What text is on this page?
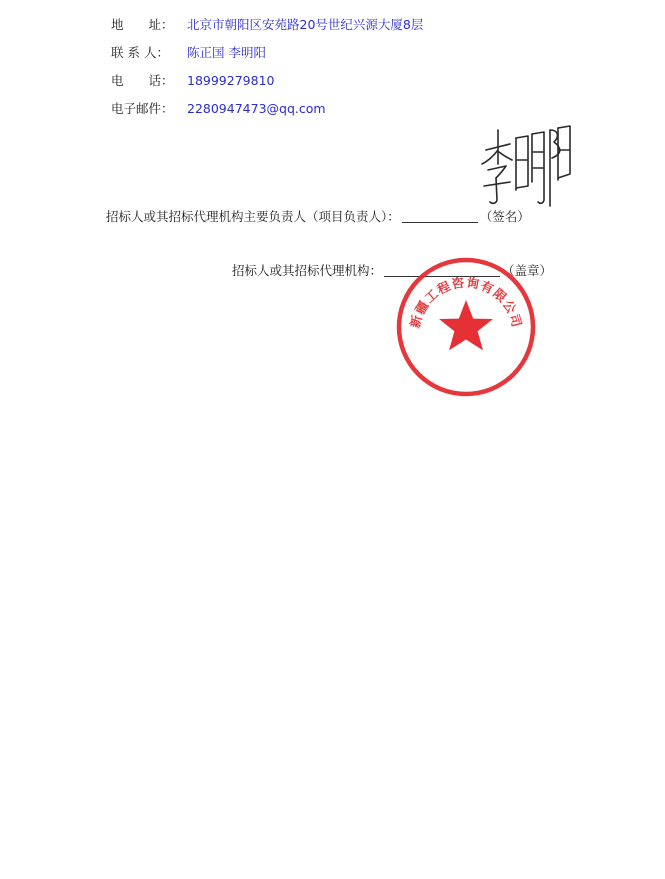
地　　址： 北京市朝阳区安苑路20号世纪兴源大厦8层
联 系 人： 陈正国 李明阳
电　　话： 18999279810
电子邮件： 2280947473@qq.com
招标人或其招标代理机构主要负责人（项目负责人）：	（签名）
招标人或其招标代理机构：	（盖章）
新疆工程咨询有限公司
